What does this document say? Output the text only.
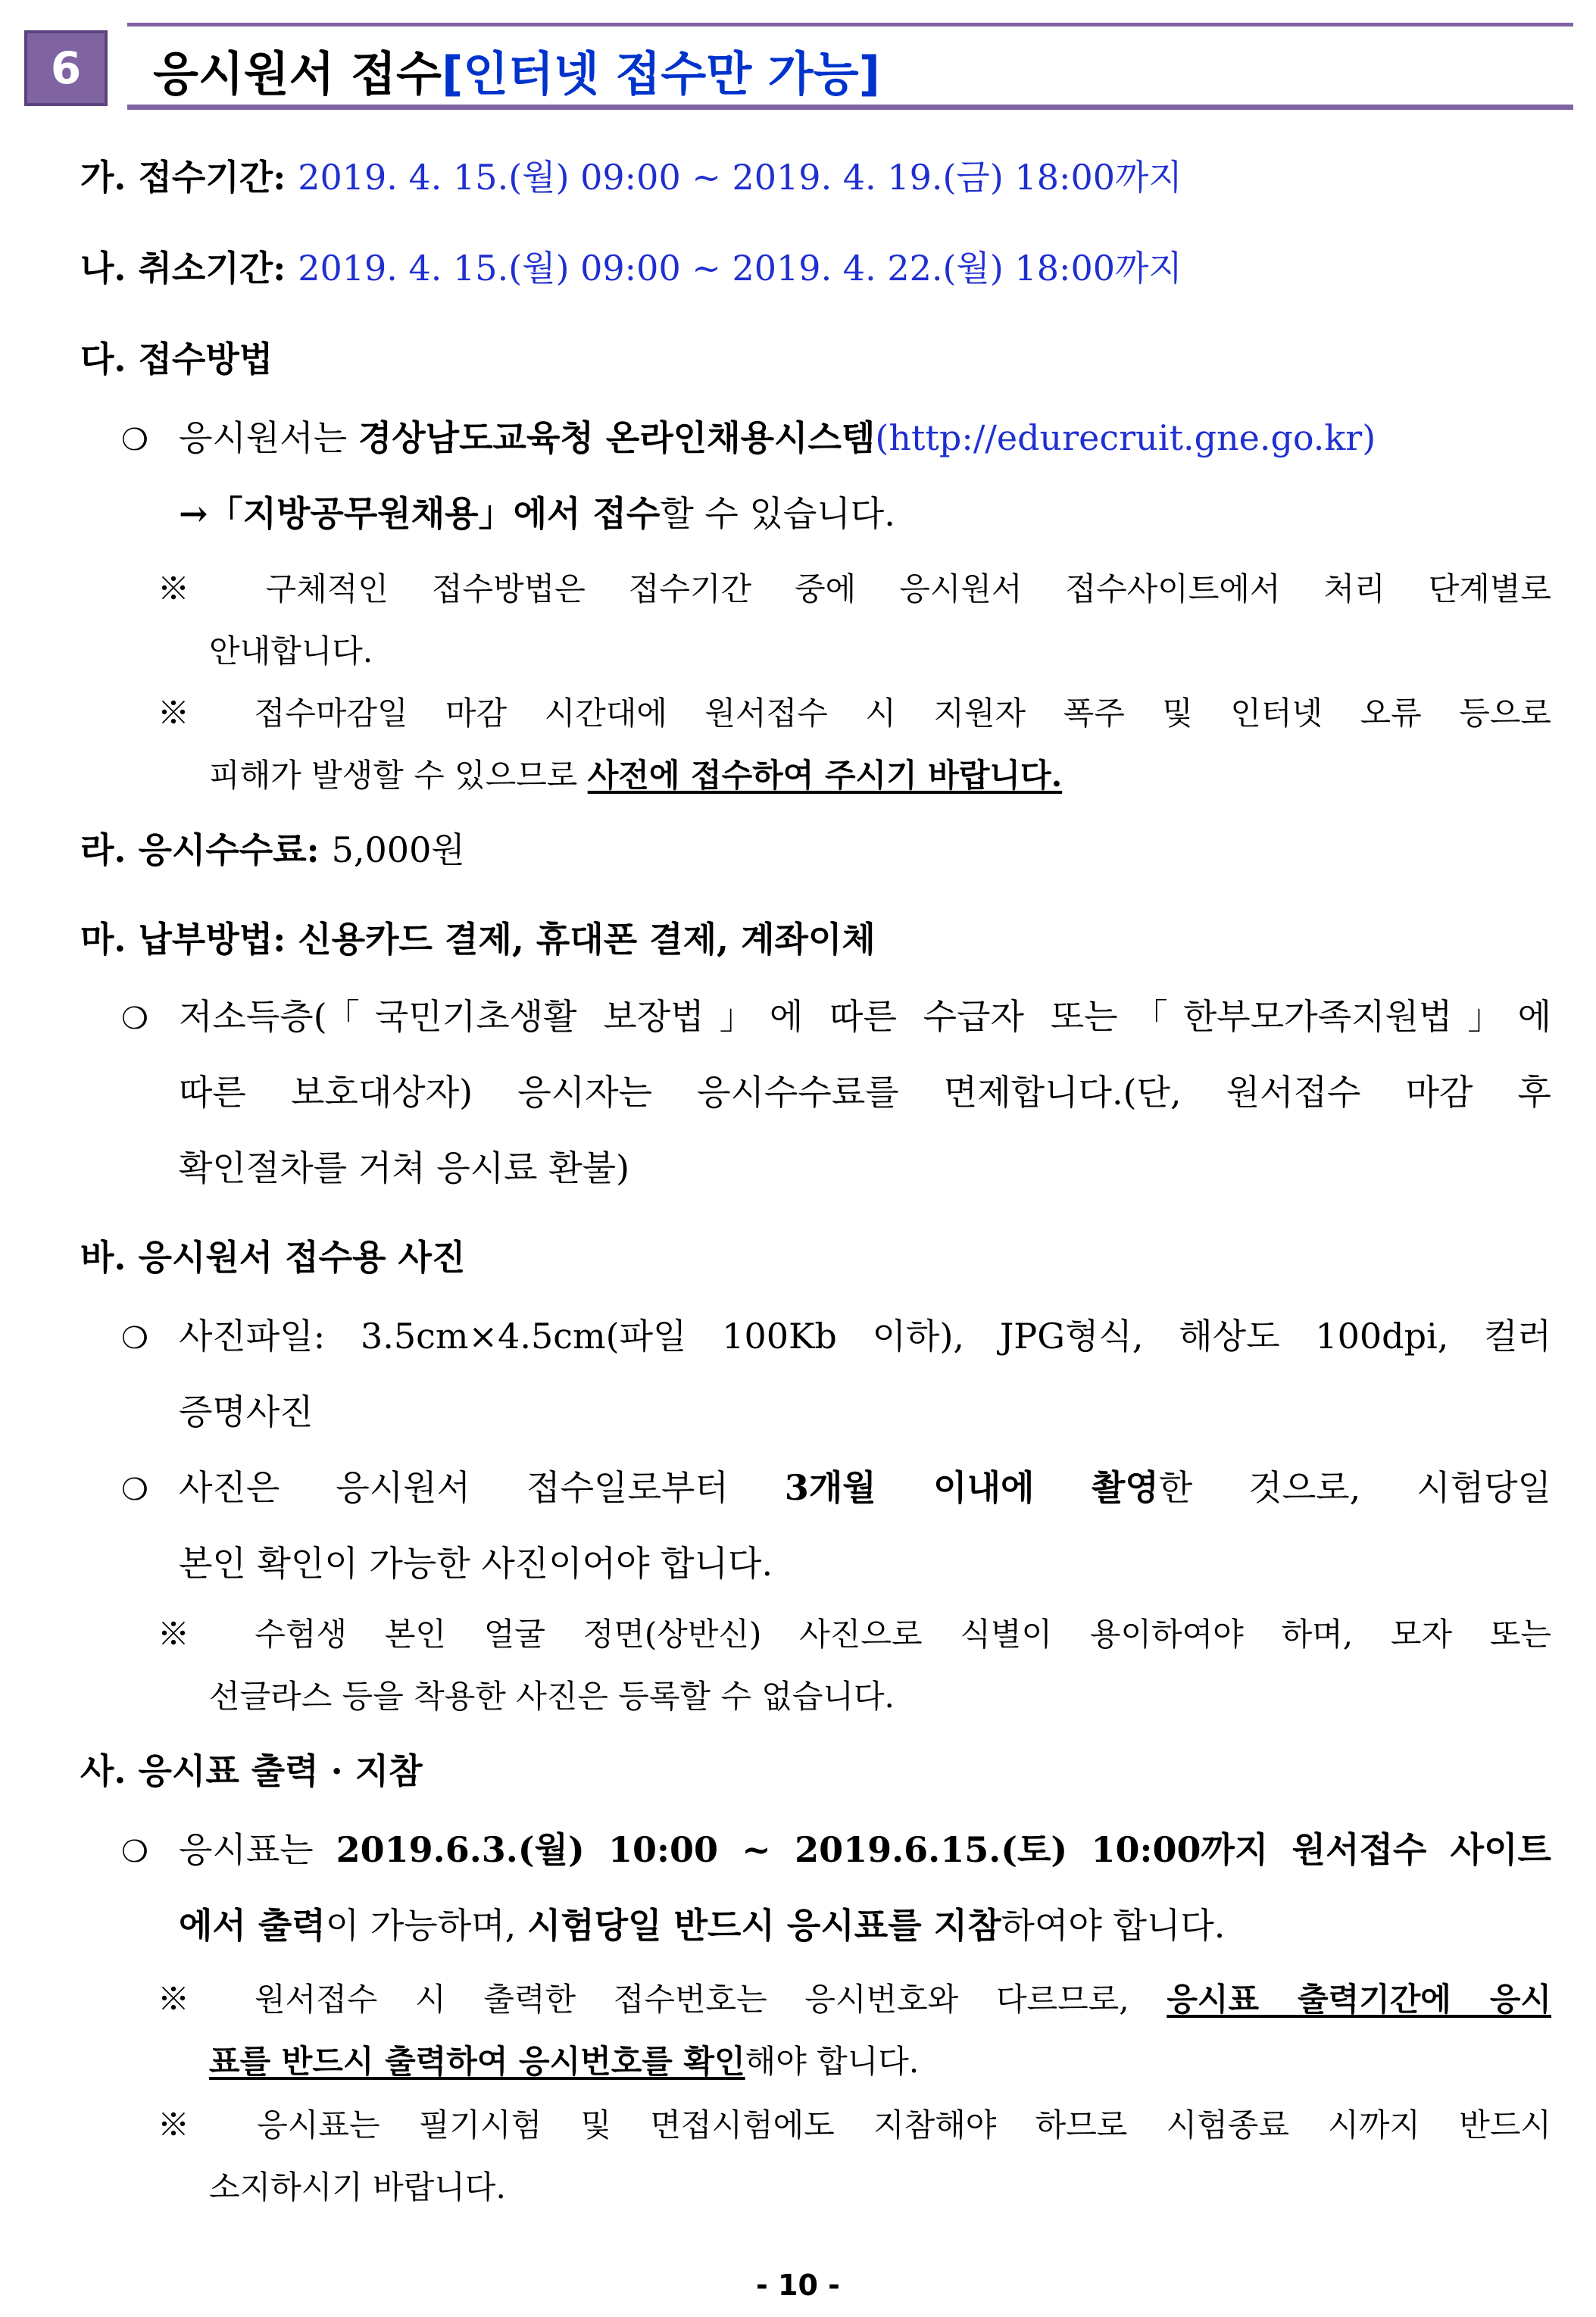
6	응시원서 접수[인터넷 접수만 가능]
가. 접수기간: 2019. 4. 15.(월) 09:00 ~ 2019. 4. 19.(금) 18:00까지
나. 취소기간: 2019. 4. 15.(월) 09:00 ~ 2019. 4. 22.(월) 18:00까지
다. 접수방법
❍ 응시원서는 경상남도교육청 온라인채용시스템(http://edurecruit.gne.go.kr)
→「지방공무원채용」에서 접수할 수 있습니다.
※ 구체적인 접수방법은 접수기간 중에 응시원서 접수사이트에서 처리 단계별로
안내합니다.
※ 접수마감일 마감 시간대에 원서접수 시 지원자 폭주 및 인터넷 오류 등으로
피해가 발생할 수 있으므로 사전에 접수하여 주시기 바랍니다.
라. 응시수수료: 5,000원
마. 납부방법: 신용카드 결제, 휴대폰 결제, 계좌이체
❍ 저소득층(「국민기초생활 보장법」에 따른 수급자 또는「한부모가족지원법」에
따른 보호대상자) 응시자는 응시수수료를 면제합니다.(단, 원서접수 마감 후
확인절차를 거쳐 응시료 환불)
바. 응시원서 접수용 사진
❍ 사진파일: 3.5cm×4.5cm(파일 100Kb 이하), JPG형식, 해상도 100dpi, 컬러
증명사진
❍ 사진은 응시원서 접수일로부터 3개월 이내에 촬영한 것으로, 시험당일
본인 확인이 가능한 사진이어야 합니다.
※ 수험생 본인 얼굴 정면(상반신) 사진으로 식별이 용이하여야 하며, 모자 또는
선글라스 등을 착용한 사진은 등록할 수 없습니다.
사. 응시표 출력 · 지참
❍ 응시표는 2019.6.3.(월) 10:00 ~ 2019.6.15.(토) 10:00까지 원서접수 사이트
에서 출력이 가능하며, 시험당일 반드시 응시표를 지참하여야 합니다.
※ 원서접수 시 출력한 접수번호는 응시번호와 다르므로, 응시표 출력기간에 응시
표를 반드시 출력하여 응시번호를 확인해야 합니다.
※ 응시표는 필기시험 및 면접시험에도 지참해야 하므로 시험종료 시까지 반드시
소지하시기 바랍니다.
- 10 -
